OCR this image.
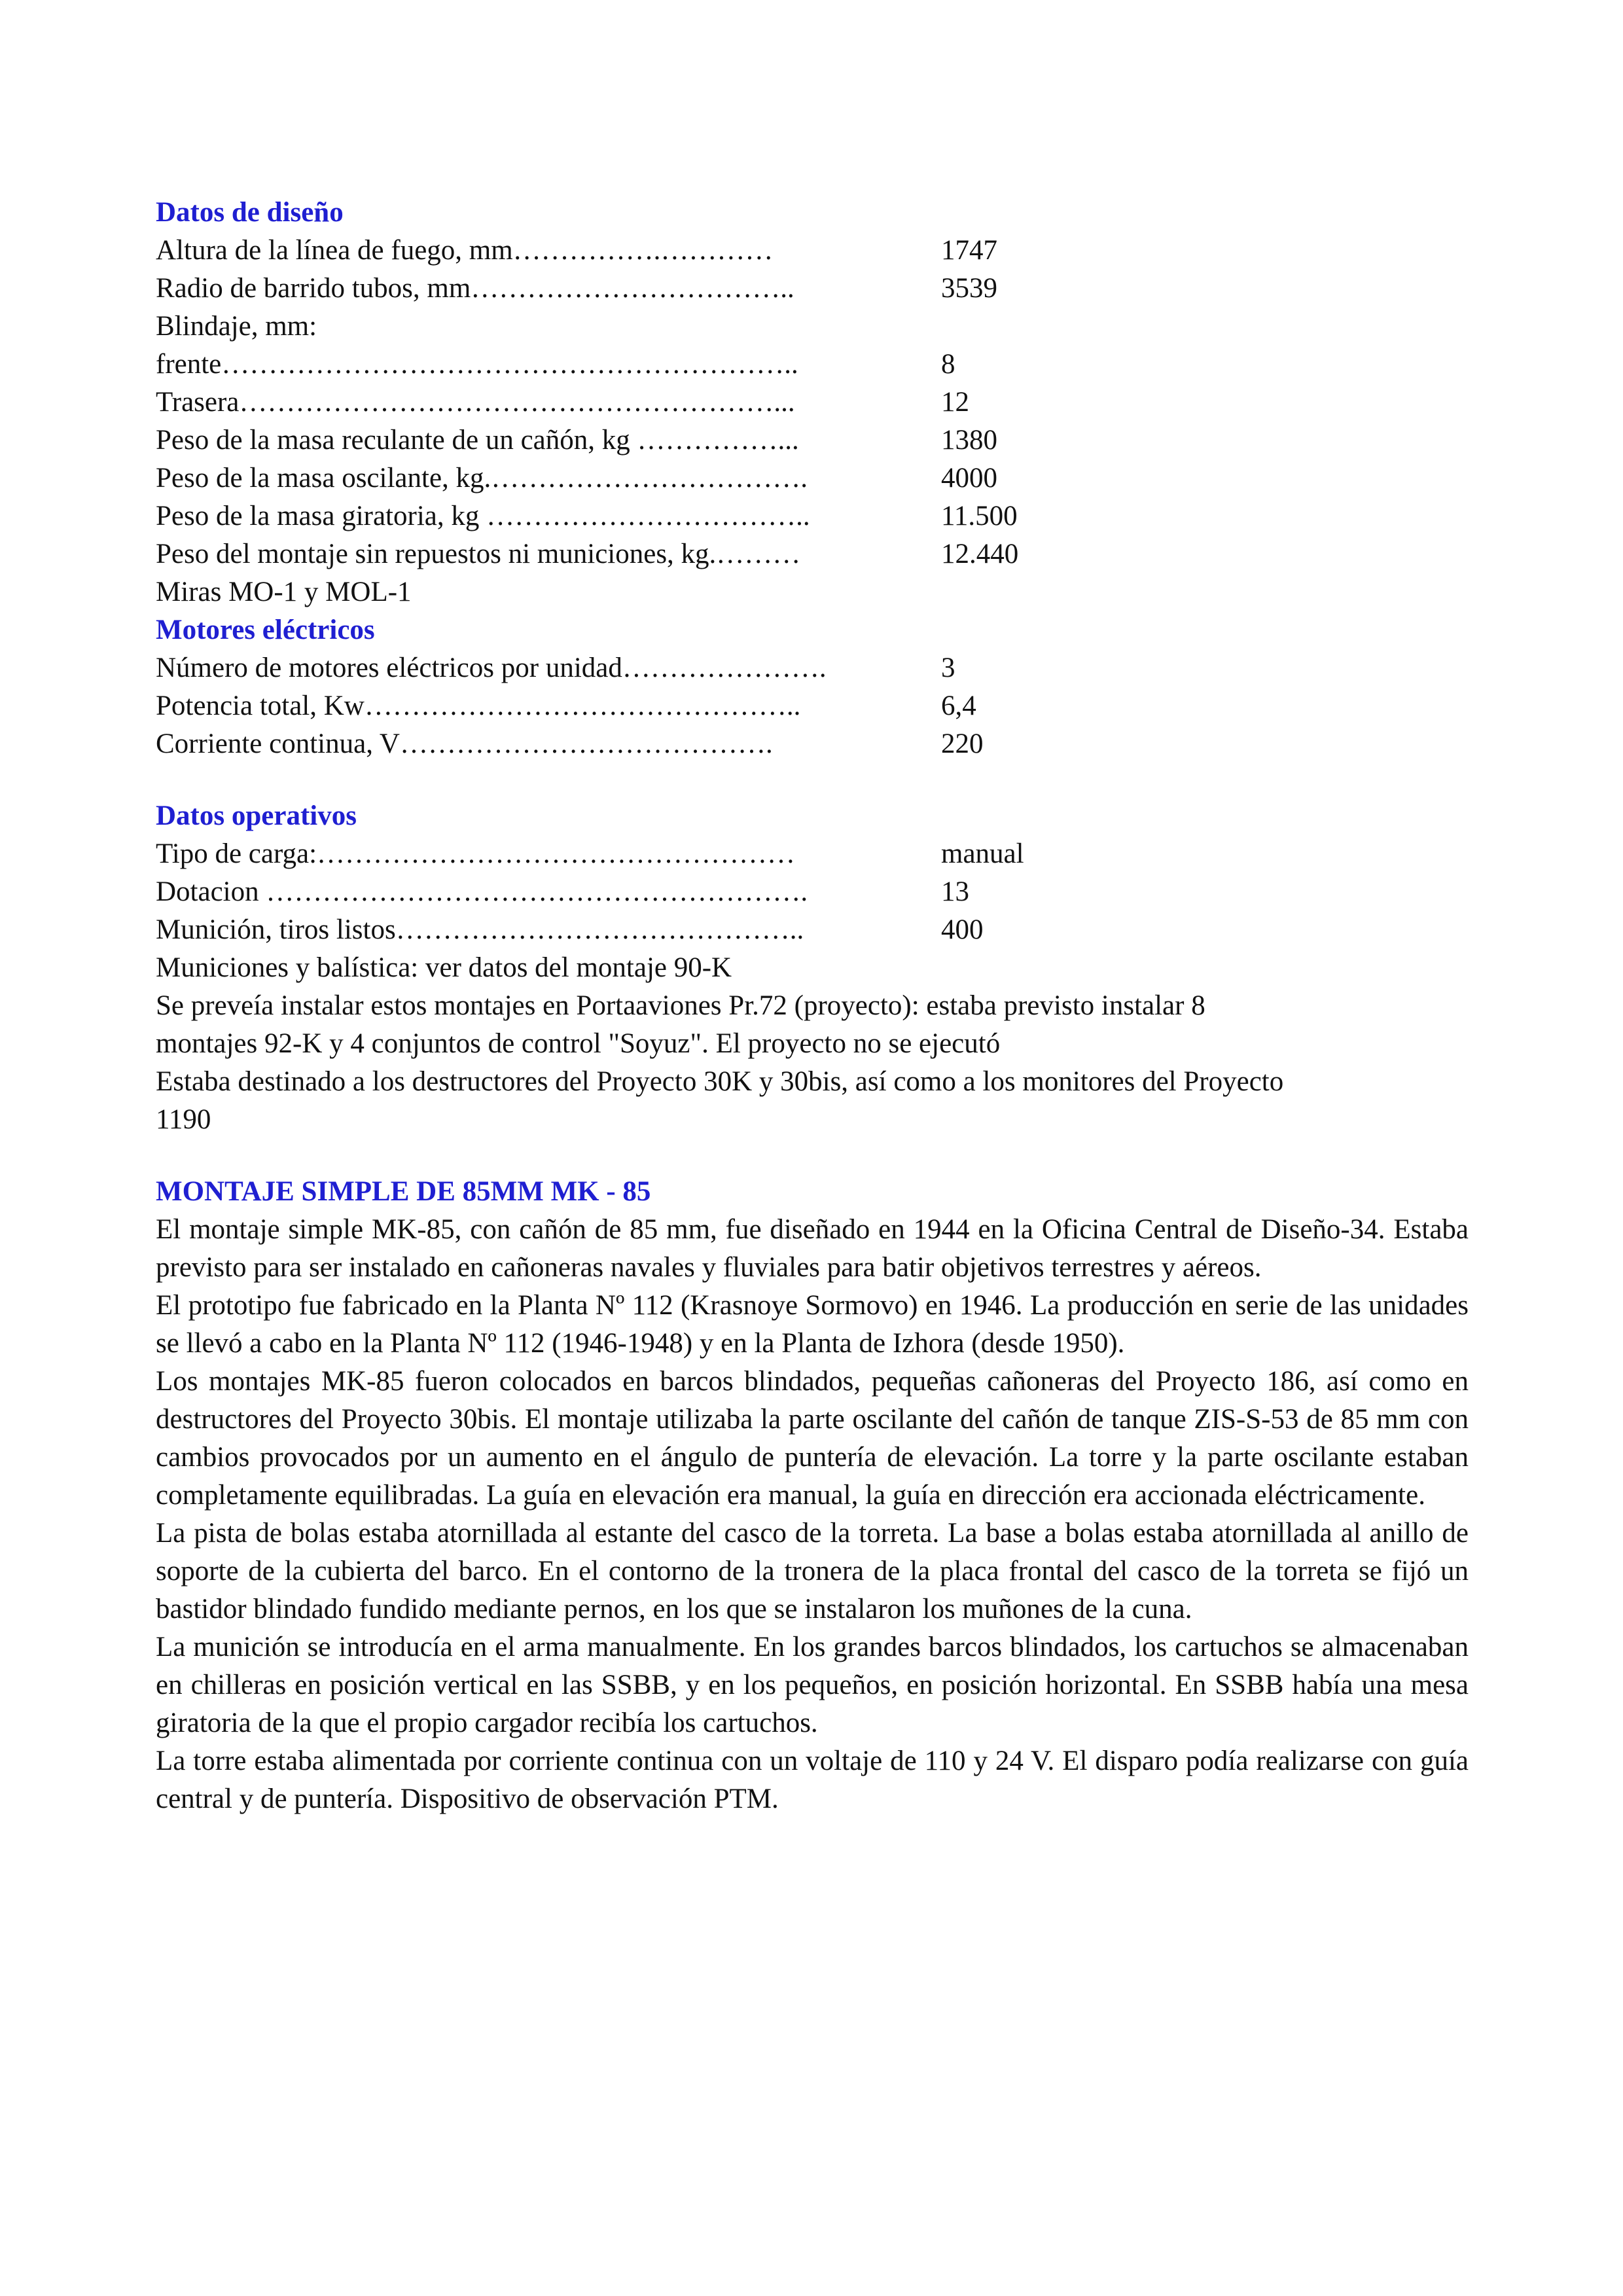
Datos de diseño
Altura de la línea de fuego, mm…………….…………	1747
Radio de barrido tubos, mm……………………………..	3539
Blindaje, mm:
frente……………………………………………………..	8
Trasera…………………………………………………...	12
Peso de la masa reculante de un cañón, kg ……………...	1380
Peso de la masa oscilante, kg.…………………………….	4000
Peso de la masa giratoria, kg ……………………………..	11.500
Peso del montaje sin repuestos ni municiones, kg.………	12.440
Miras MO-1 y MOL-1
Motores eléctricos
Número de motores eléctricos por unidad………………….	3
Potencia total, Kw………………………………………..	6,4
Corriente continua, V………………………………….	220
Datos operativos
Tipo de carga:……………………………………………	manual
Dotacion ………………………………………………….	13
Munición, tiros listos……………………………………..	400
Municiones y balística: ver datos del montaje 90-K
Se preveía instalar estos montajes en Portaaviones Pr.72 (proyecto): estaba previsto instalar 8
montajes 92-K y 4 conjuntos de control "Soyuz". El proyecto no se ejecutó
Estaba destinado a los destructores del Proyecto 30K y 30bis, así como a los monitores del Proyecto
1190
MONTAJE SIMPLE DE 85MM MK - 85

El montaje simple MK-85, con cañón de 85 mm, fue diseñado en 1944 en la Oficina Central de Diseño-34. Estaba previsto para ser instalado en cañoneras navales y fluviales para batir objetivos terrestres y aéreos.

El prototipo fue fabricado en la Planta Nº 112 (Krasnoye Sormovo) en 1946. La producción en serie de las unidades se llevó a cabo en la Planta Nº 112 (1946-1948) y en la Planta de Izhora (desde 1950).

Los montajes MK-85 fueron colocados en barcos blindados, pequeñas cañoneras del Proyecto 186, así como en destructores del Proyecto 30bis. El montaje utilizaba la parte oscilante del cañón de tanque ZIS-S-53 de 85 mm con cambios provocados por un aumento en el ángulo de puntería de elevación. La torre y la parte oscilante estaban completamente equilibradas. La guía en elevación era manual, la guía en dirección era accionada eléctricamente.

La pista de bolas estaba atornillada al estante del casco de la torreta. La base a bolas estaba atornillada al anillo de soporte de la cubierta del barco. En el contorno de la tronera de la placa frontal del casco de la torreta se fijó un bastidor blindado fundido mediante pernos, en los que se instalaron los muñones de la cuna.

La munición se introducía en el arma manualmente. En los grandes barcos blindados, los cartuchos se almacenaban en chilleras en posición vertical en las SSBB, y en los pequeños, en posición horizontal. En SSBB había una mesa giratoria de la que el propio cargador recibía los cartuchos.

La torre estaba alimentada por corriente continua con un voltaje de 110 y 24 V. El disparo podía realizarse con guía central y de puntería. Dispositivo de observación PTM.
